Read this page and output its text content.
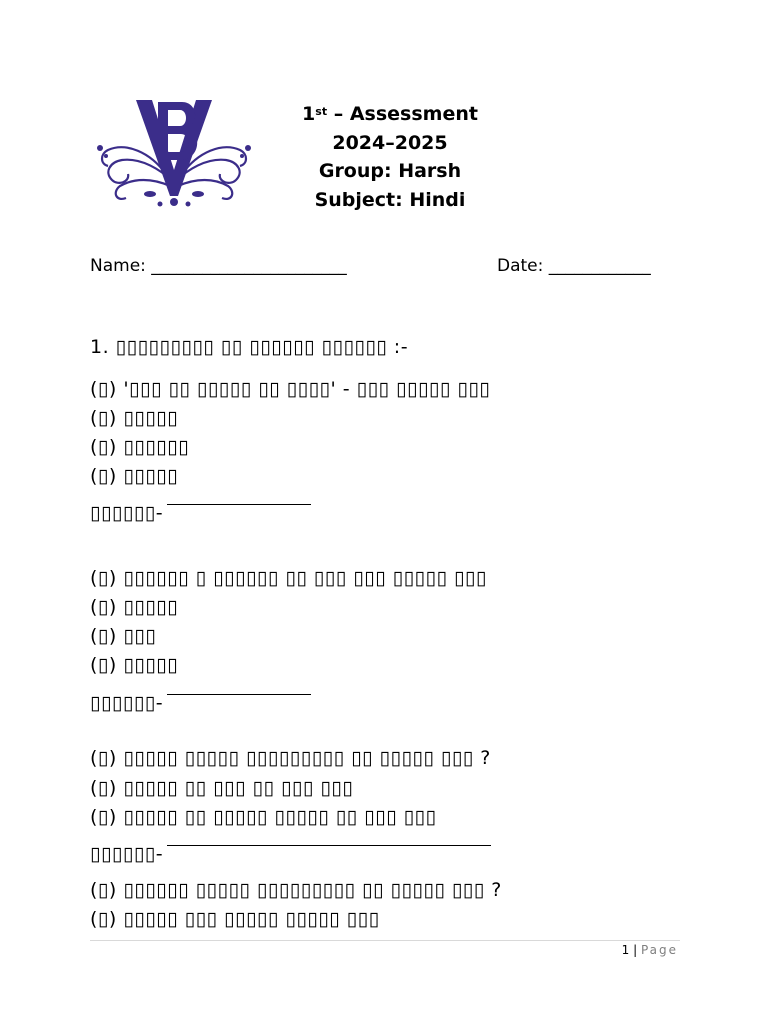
1st – Assessment
2024–2025
Group: Harsh
Subject: Hindi
Name: _______________________	Date: ____________
1. ▯▯▯▯▯▯▯▯▯ ▯▯ ▯▯▯▯▯▯ ▯▯▯▯▯▯ :-
(▯) '▯▯▯ ▯▯ ▯▯▯▯▯ ▯▯ ▯▯▯▯' - ▯▯▯ ▯▯▯▯▯ ▯▯▯
(▯) ▯▯▯▯▯
(▯) ▯▯▯▯▯▯
(▯) ▯▯▯▯▯
▯▯▯▯▯▯-
(▯) ▯▯▯▯▯▯ ▯ ▯▯▯▯▯▯ ▯▯ ▯▯▯ ▯▯▯ ▯▯▯▯▯ ▯▯▯
(▯) ▯▯▯▯▯
(▯) ▯▯▯
(▯) ▯▯▯▯▯
▯▯▯▯▯▯-
(▯) ▯▯▯▯▯ ▯▯▯▯▯ ▯▯▯▯▯▯▯▯▯ ▯▯ ▯▯▯▯▯ ▯▯▯ ?
(▯) ▯▯▯▯▯ ▯▯ ▯▯▯ ▯▯ ▯▯▯ ▯▯▯
(▯) ▯▯▯▯▯ ▯▯ ▯▯▯▯▯ ▯▯▯▯▯ ▯▯ ▯▯▯ ▯▯▯
▯▯▯▯▯▯-
(▯) ▯▯▯▯▯▯ ▯▯▯▯▯ ▯▯▯▯▯▯▯▯▯ ▯▯ ▯▯▯▯▯ ▯▯▯ ?
(▯) ▯▯▯▯▯ ▯▯▯ ▯▯▯▯▯ ▯▯▯▯▯ ▯▯▯
1 | Page
